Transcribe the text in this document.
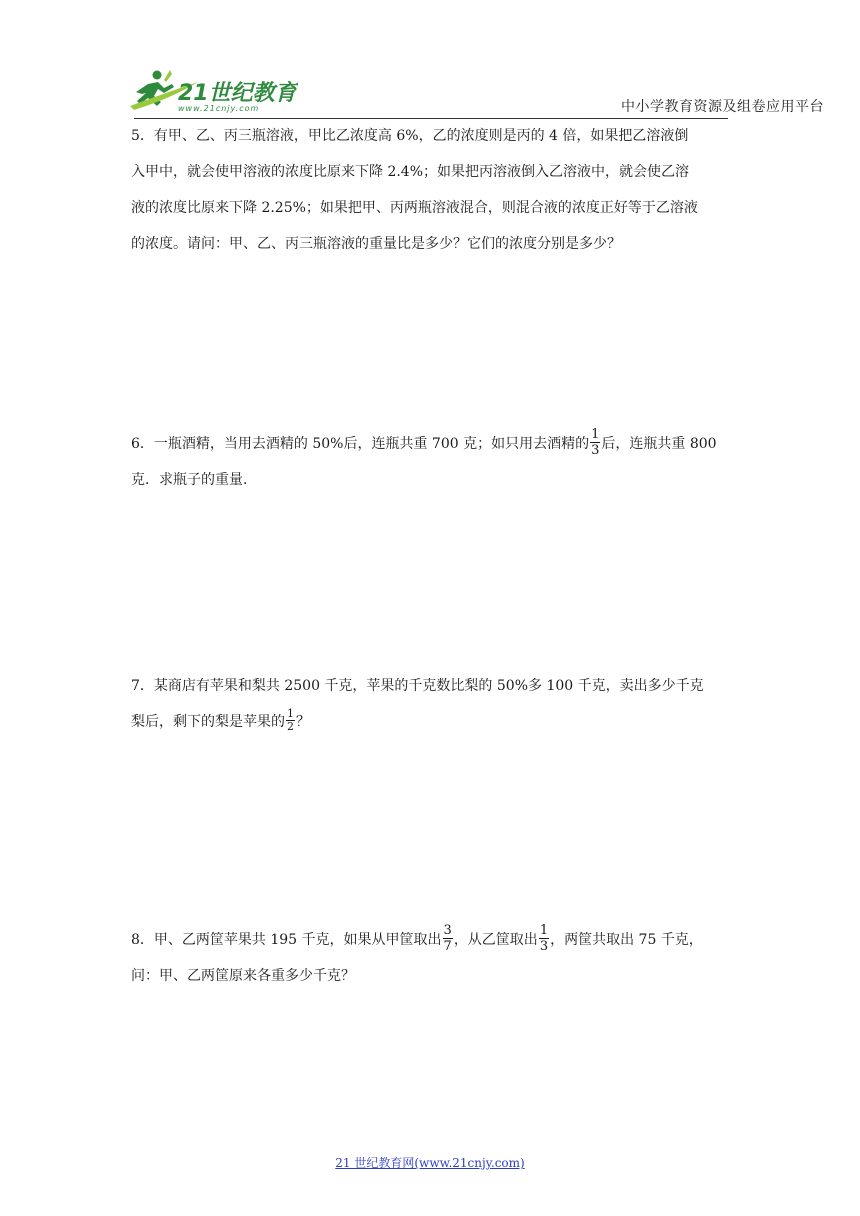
21世纪教育
www.21cnjy.com	中小学教育资源及组卷应用平台
5．有甲、乙、丙三瓶溶液，甲比乙浓度高 6%，乙的浓度则是丙的 4 倍，如果把乙溶液倒
入甲中，就会使甲溶液的浓度比原来下降 2.4%；如果把丙溶液倒入乙溶液中，就会使乙溶
液的浓度比原来下降 2.25%；如果把甲、丙两瓶溶液混合，则混合液的浓度正好等于乙溶液
的浓度。请问：甲、乙、丙三瓶溶液的重量比是多少？它们的浓度分别是多少？
6．一瓶酒精，当用去酒精的 50%后，连瓶共重 700 克；如只用去酒精的 $\frac{1}{3}$ 后，连瓶共重 800
克．求瓶子的重量．
7．某商店有苹果和梨共 2500 千克，苹果的千克数比梨的 50%多 100 千克，卖出多少千克
梨后，剩下的梨是苹果的 $\frac{1}{2}$ ？
8．甲、乙两筐苹果共 195 千克，如果从甲筐取出 $\frac{3}{7}$ ，从乙筐取出 $\frac{1}{3}$ ，两筐共取出 75 千克，
问：甲、乙两筐原来各重多少千克？
21 世纪教育网(www.21cnjy.com)
